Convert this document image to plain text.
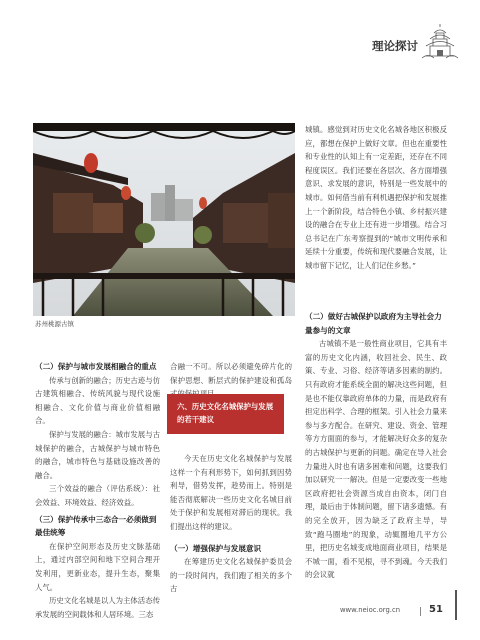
理论探讨
苏州桃源古镇

城镇。感觉到对历史文化名城各地区积极反应，都想在保护上做好文章。但也在重要性和专业性的认知上有一定差距，还存在不同程度误区。我们还要在各层次、各方面增强意识、求发展的意识，特别是一些发展中的城市。如何借当前有利机遇把保护和发展推上一个新阶段，结合特色小镇、乡村振兴建设的融合在专业上还有进一步增强。结合习总书记在广东考察提到的“城市文明传承和延续十分重要，传统和现代要融合发展，让城市留下记忆，让人们记住乡愁。”

（二）做好古城保护以政府为主导社会力量参与的文章

古城镇不是一般性商业项目，它具有丰富的历史文化内涵，收回社会、民生、政策、专业、习俗、经济等诸多因素的制约。只有政府才能系统全面的解决这些问题，但是也不能仅靠政府单体的力量，而是政府有担定出科学、合理的框架。引入社会力量来参与多方配合。在研究、建设、资金、管理等方方面面的参与，才能解决好众多的复杂的古城保护与更新的问题。确定在导入社会力量进入时也有诸多困难和问题，这要我们加以研究一一解决。但是一定要改变一些地区政府把社会资源当成自由资本，闭门自理，最后由于体制问题，留下诸多遗憾。有的完全放开，因为缺乏了政府主导，导致“跑马圈地”的现象，动辄圈地几平方公里，把历史名城变成地面商业项目，结果是不城一面，看不见根，寻不到魂。今天我们的会议就

（二）保护与城市发展相融合的重点

传承与创新的融合；历史古迹与仿古建筑相融合、传统风貌与现代设施相融合、文化价值与商业价值相融合。

保护与发展的融合：城市发展与古城保护的融合，古城保护与城市特色的融合，城市特色与基础设施改善的融合。

三个效益的融合（评估系统）：社会效益、环境效益、经济效益。

（三）保护传承中三态合一必须做到最佳统筹

在保护空间形态及历史文脉基础上，通过内部空间和地下空间合理开发利用，更新业态，提升生态，聚集人气。

历史文化名城是以人为主体活态传承发展的空间载体和人居环境。三态

合融一不可。所以必须避免碎片化的保护思想、断层式的保护建设和孤岛

六、历史文化名城保护与发展的若干建议

今天在历史文化名城保护与发展这样一个有利形势下，如何抓到因势利导，借势发挥，趁势而上。特别是能否彻底解决一些历史文化名城目前处于保护和发展相对滞后的现状。我们提出这样的建议。

（一）增强保护与发展意识

在筹建历史文化名城保护委员会的一段时间内，我们跑了相关的多个古

www.neioc.org.cn	51
